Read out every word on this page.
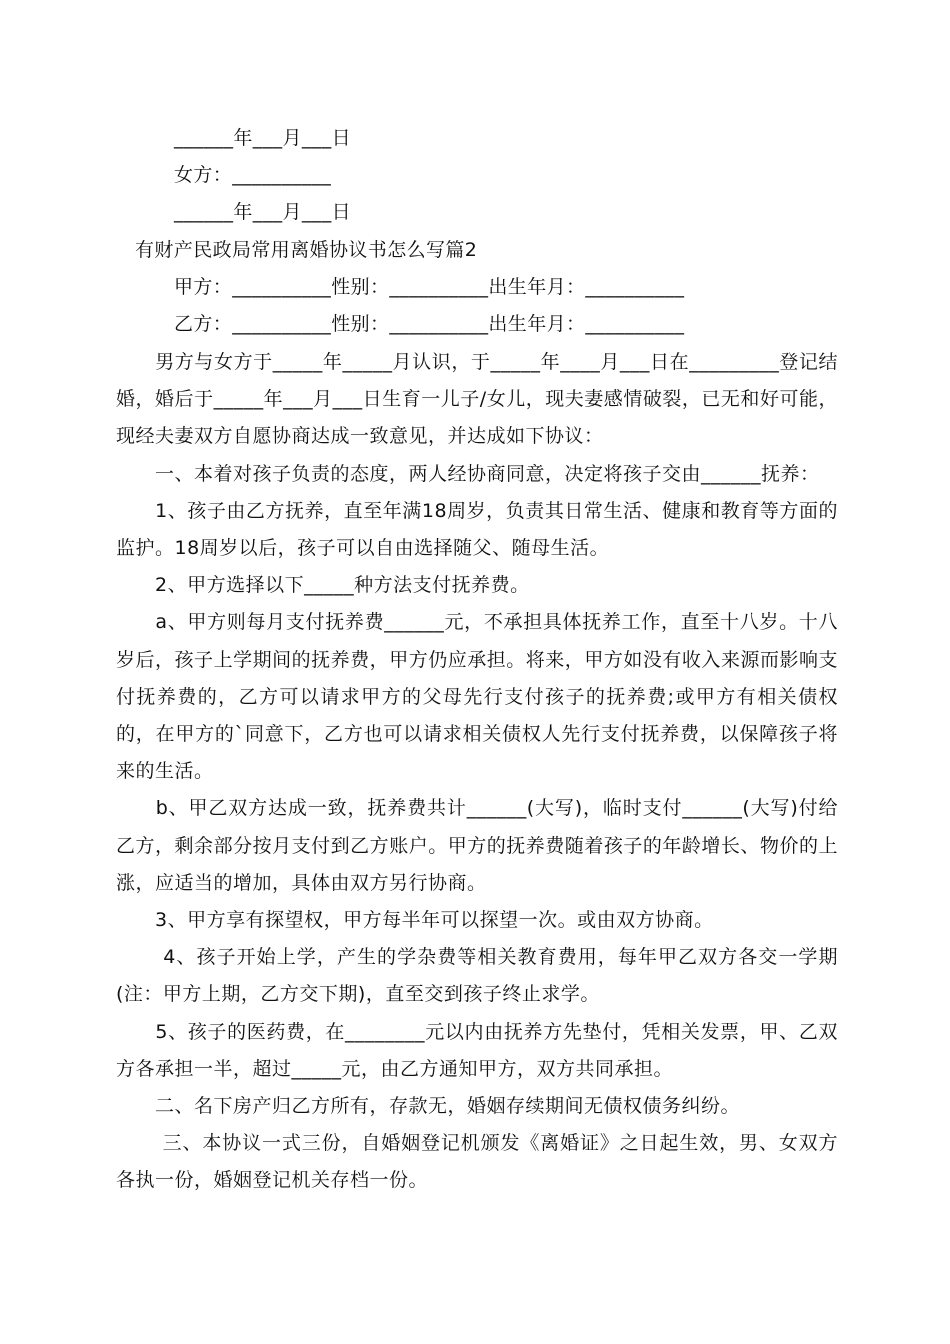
______年___月___日
女方：__________
______年___月___日
有财产民政局常用离婚协议书怎么写篇2
甲方：__________性别：__________出生年月：__________
乙方：__________性别：__________出生年月：__________

　　男方与女方于_____年_____月认识，于_____年____月___日在_________登记结婚，婚后于_____年___月___日生育一儿子/女儿，现夫妻感情破裂，已无和好可能，现经夫妻双方自愿协商达成一致意见，并达成如下协议：

　　一、本着对孩子负责的态度，两人经协商同意，决定将孩子交由______抚养：

　　1、孩子由乙方抚养，直至年满18周岁，负责其日常生活、健康和教育等方面的监护。18周岁以后，孩子可以自由选择随父、随母生活。

　　2、甲方选择以下_____种方法支付抚养费。

　　a、甲方则每月支付抚养费______元，不承担具体抚养工作，直至十八岁。十八岁后，孩子上学期间的抚养费，甲方仍应承担。将来，甲方如没有收入来源而影响支付抚养费的，乙方可以请求甲方的父母先行支付孩子的抚养费;或甲方有相关债权的，在甲方的`同意下，乙方也可以请求相关债权人先行支付抚养费，以保障孩子将来的生活。

　　b、甲乙双方达成一致，抚养费共计______(大写)，临时支付______(大写)付给乙方，剩余部分按月支付到乙方账户。甲方的抚养费随着孩子的年龄增长、物价的上涨，应适当的增加，具体由双方另行协商。

　　3、甲方享有探望权，甲方每半年可以探望一次。或由双方协商。

　　 4、孩子开始上学，产生的学杂费等相关教育费用，每年甲乙双方各交一学期(注：甲方上期，乙方交下期)，直至交到孩子终止求学。

　　5、孩子的医药费，在________元以内由抚养方先垫付，凭相关发票，甲、乙双方各承担一半，超过_____元，由乙方通知甲方，双方共同承担。

　　二、名下房产归乙方所有，存款无，婚姻存续期间无债权债务纠纷。

　　 三、本协议一式三份，自婚姻登记机颁发《离婚证》之日起生效，男、女双方各执一份，婚姻登记机关存档一份。
